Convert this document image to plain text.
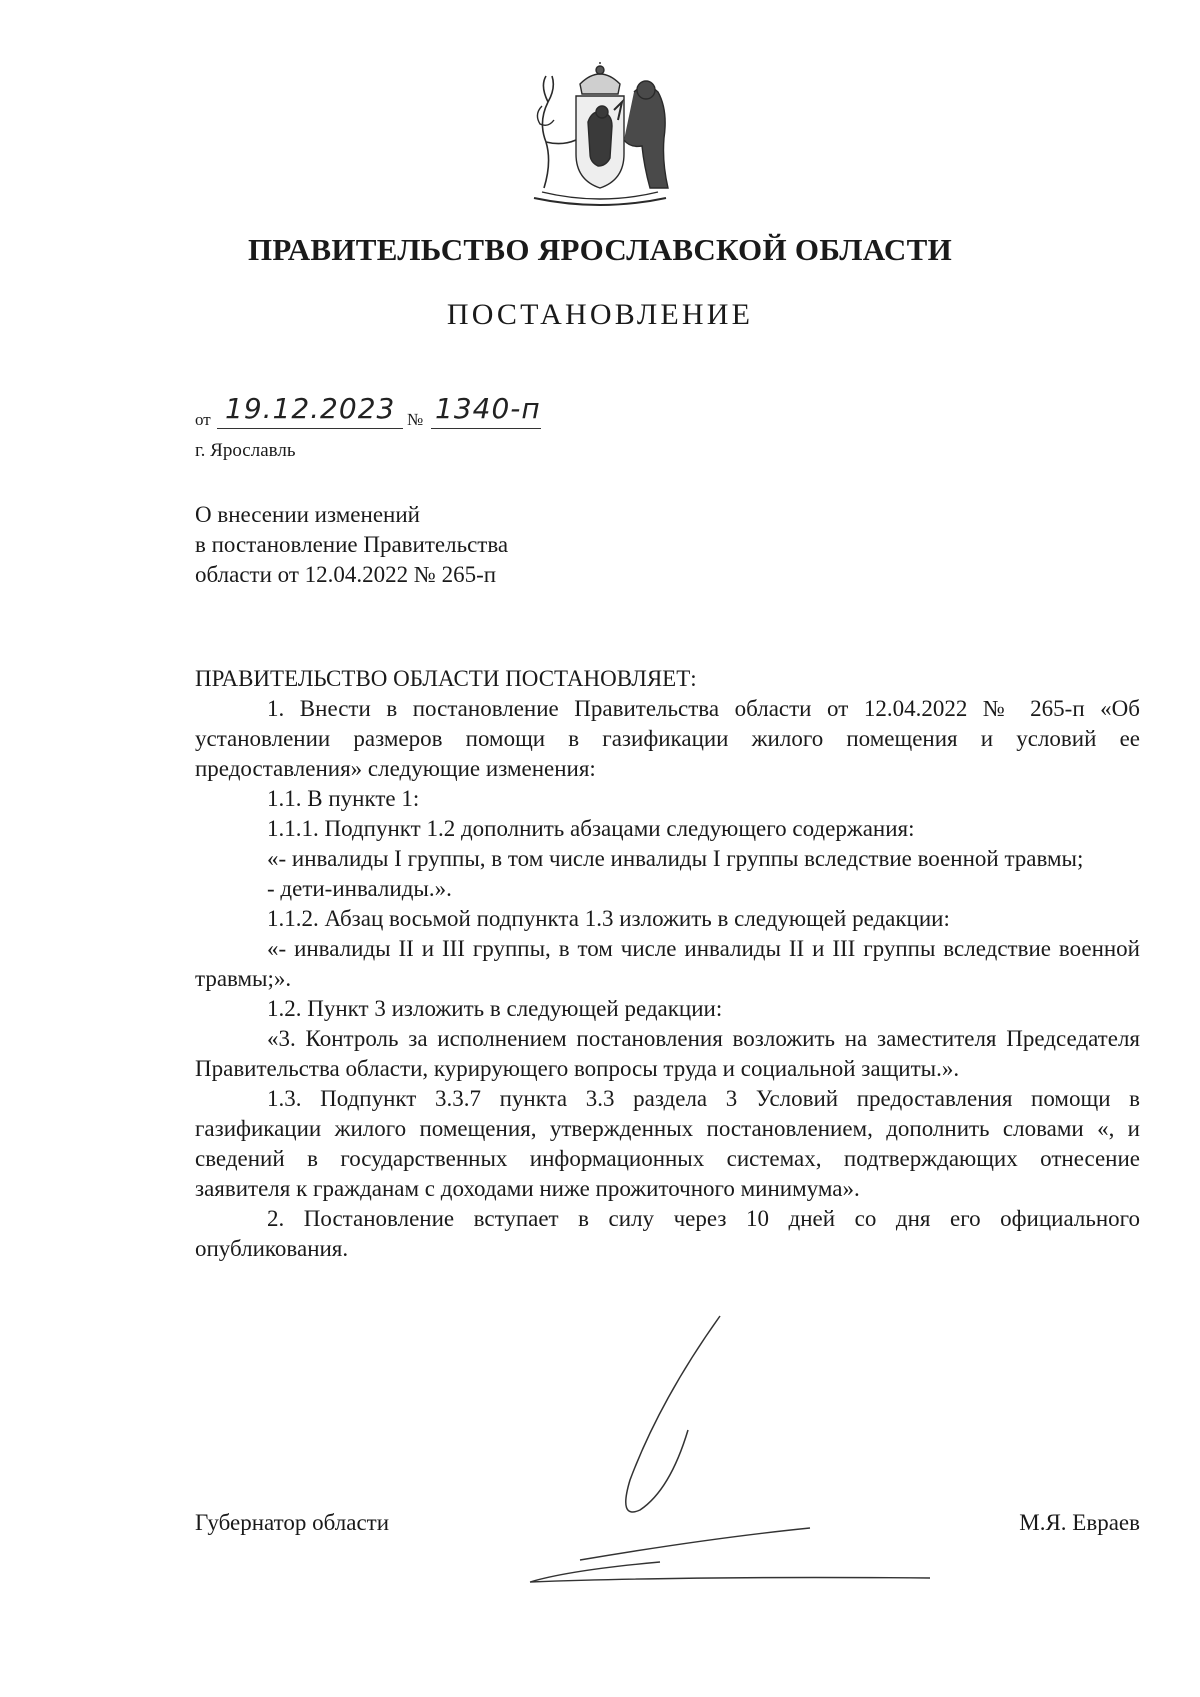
ПРАВИТЕЛЬСТВО ЯРОСЛАВСКОЙ ОБЛАСТИ
ПОСТАНОВЛЕНИЕ
от 19.12.2023 № 1340-п
г. Ярославль
О внесении изменений
в постановление Правительства
области от 12.04.2022 № 265-п
ПРАВИТЕЛЬСТВО ОБЛАСТИ ПОСТАНОВЛЯЕТ:
1. Внести в постановление Правительства области от 12.04.2022 № 265-п «Об установлении размеров помощи в газификации жилого помещения и условий ее предоставления» следующие изменения:
1.1. В пункте 1:
1.1.1. Подпункт 1.2 дополнить абзацами следующего содержания:
«- инвалиды I группы, в том числе инвалиды I группы вследствие военной травмы;
- дети-инвалиды.».
1.1.2. Абзац восьмой подпункта 1.3 изложить в следующей редакции:
«- инвалиды II и III группы, в том числе инвалиды II и III группы вследствие военной травмы;».
1.2. Пункт 3 изложить в следующей редакции:
«3. Контроль за исполнением постановления возложить на заместителя Председателя Правительства области, курирующего вопросы труда и социальной защиты.».
1.3. Подпункт 3.3.7 пункта 3.3 раздела 3 Условий предоставления помощи в газификации жилого помещения, утвержденных постановлением, дополнить словами «, и сведений в государственных информационных системах, подтверждающих отнесение заявителя к гражданам с доходами ниже прожиточного минимума».
2. Постановление вступает в силу через 10 дней со дня его официального опубликования.
Губернатор области	М.Я. Евраев
